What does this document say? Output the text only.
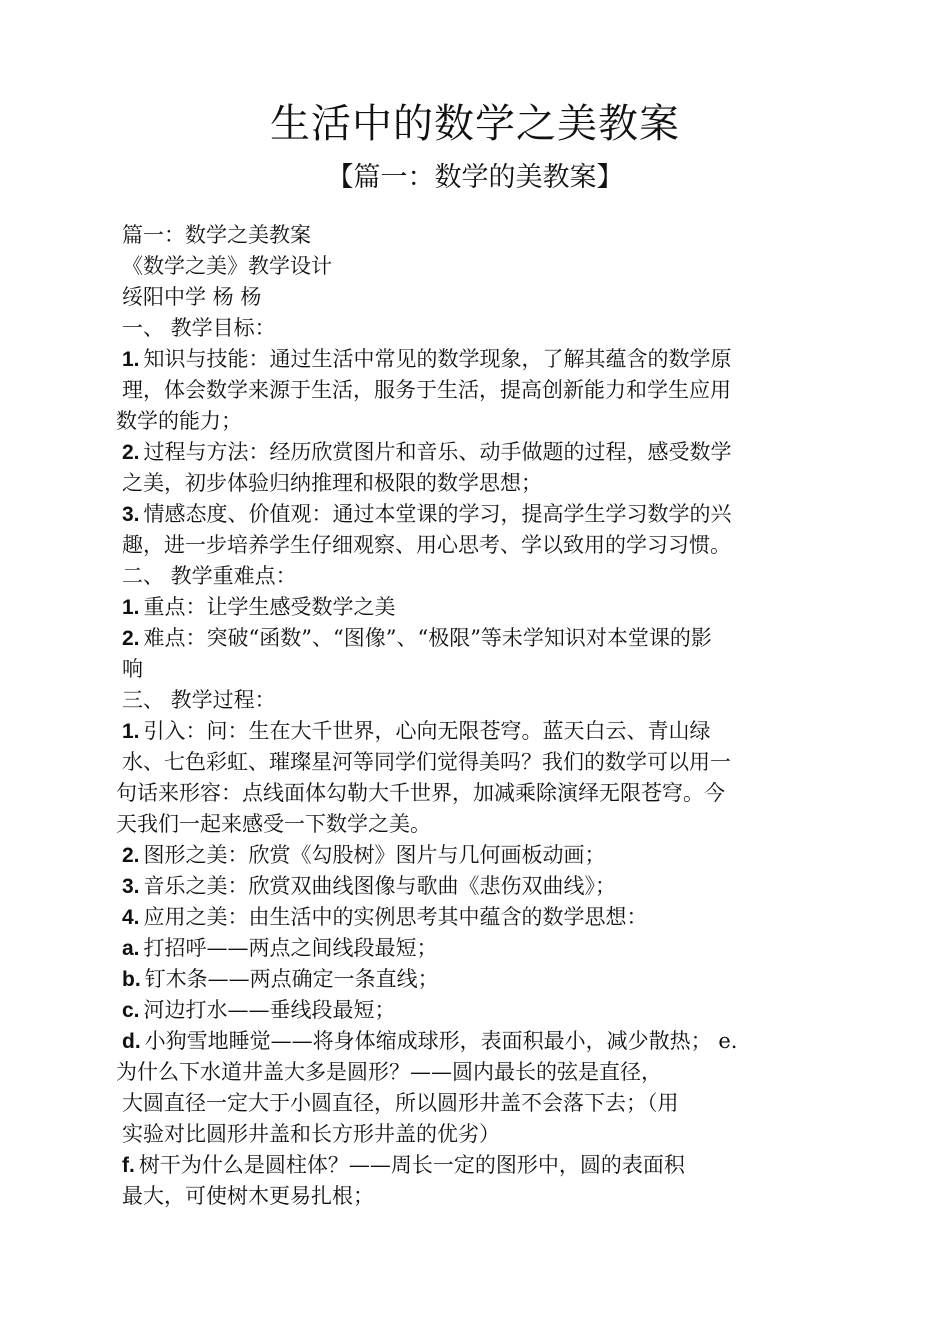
生活中的数学之美教案
【篇一：数学的美教案】
篇一：数学之美教案
《数学之美》教学设计
绥阳中学 杨 杨
一、 教学目标：
1. 知识与技能：通过生活中常见的数学现象，了解其蕴含的数学原
理，体会数学来源于生活，服务于生活，提高创新能力和学生应用
数学的能力；
2. 过程与方法：经历欣赏图片和音乐、动手做题的过程，感受数学
之美，初步体验归纳推理和极限的数学思想；
3. 情感态度、价值观：通过本堂课的学习，提高学生学习数学的兴
趣，进一步培养学生仔细观察、用心思考、学以致用的学习习惯。
二、 教学重难点：
1. 重点：让学生感受数学之美
2. 难点：突破“函数”、“图像”、“极限”等未学知识对本堂课的影
响
三、 教学过程：
1. 引入：问：生在大千世界，心向无限苍穹。蓝天白云、青山绿
水、七色彩虹、璀璨星河等同学们觉得美吗？我们的数学可以用一
句话来形容：点线面体勾勒大千世界，加减乘除演绎无限苍穹。今
天我们一起来感受一下数学之美。
2. 图形之美：欣赏《勾股树》图片与几何画板动画；
3. 音乐之美：欣赏双曲线图像与歌曲《悲伤双曲线》；
4. 应用之美：由生活中的实例思考其中蕴含的数学思想：
a. 打招呼——两点之间线段最短；
b. 钉木条——两点确定一条直线；
c. 河边打水——垂线段最短；
d. 小狗雪地睡觉——将身体缩成球形，表面积最小，减少散热； e.
为什么下水道井盖大多是圆形？——圆内最长的弦是直径，
大圆直径一定大于小圆直径，所以圆形井盖不会落下去；（用
实验对比圆形井盖和长方形井盖的优劣）
f. 树干为什么是圆柱体？——周长一定的图形中，圆的表面积
最大，可使树木更易扎根；
